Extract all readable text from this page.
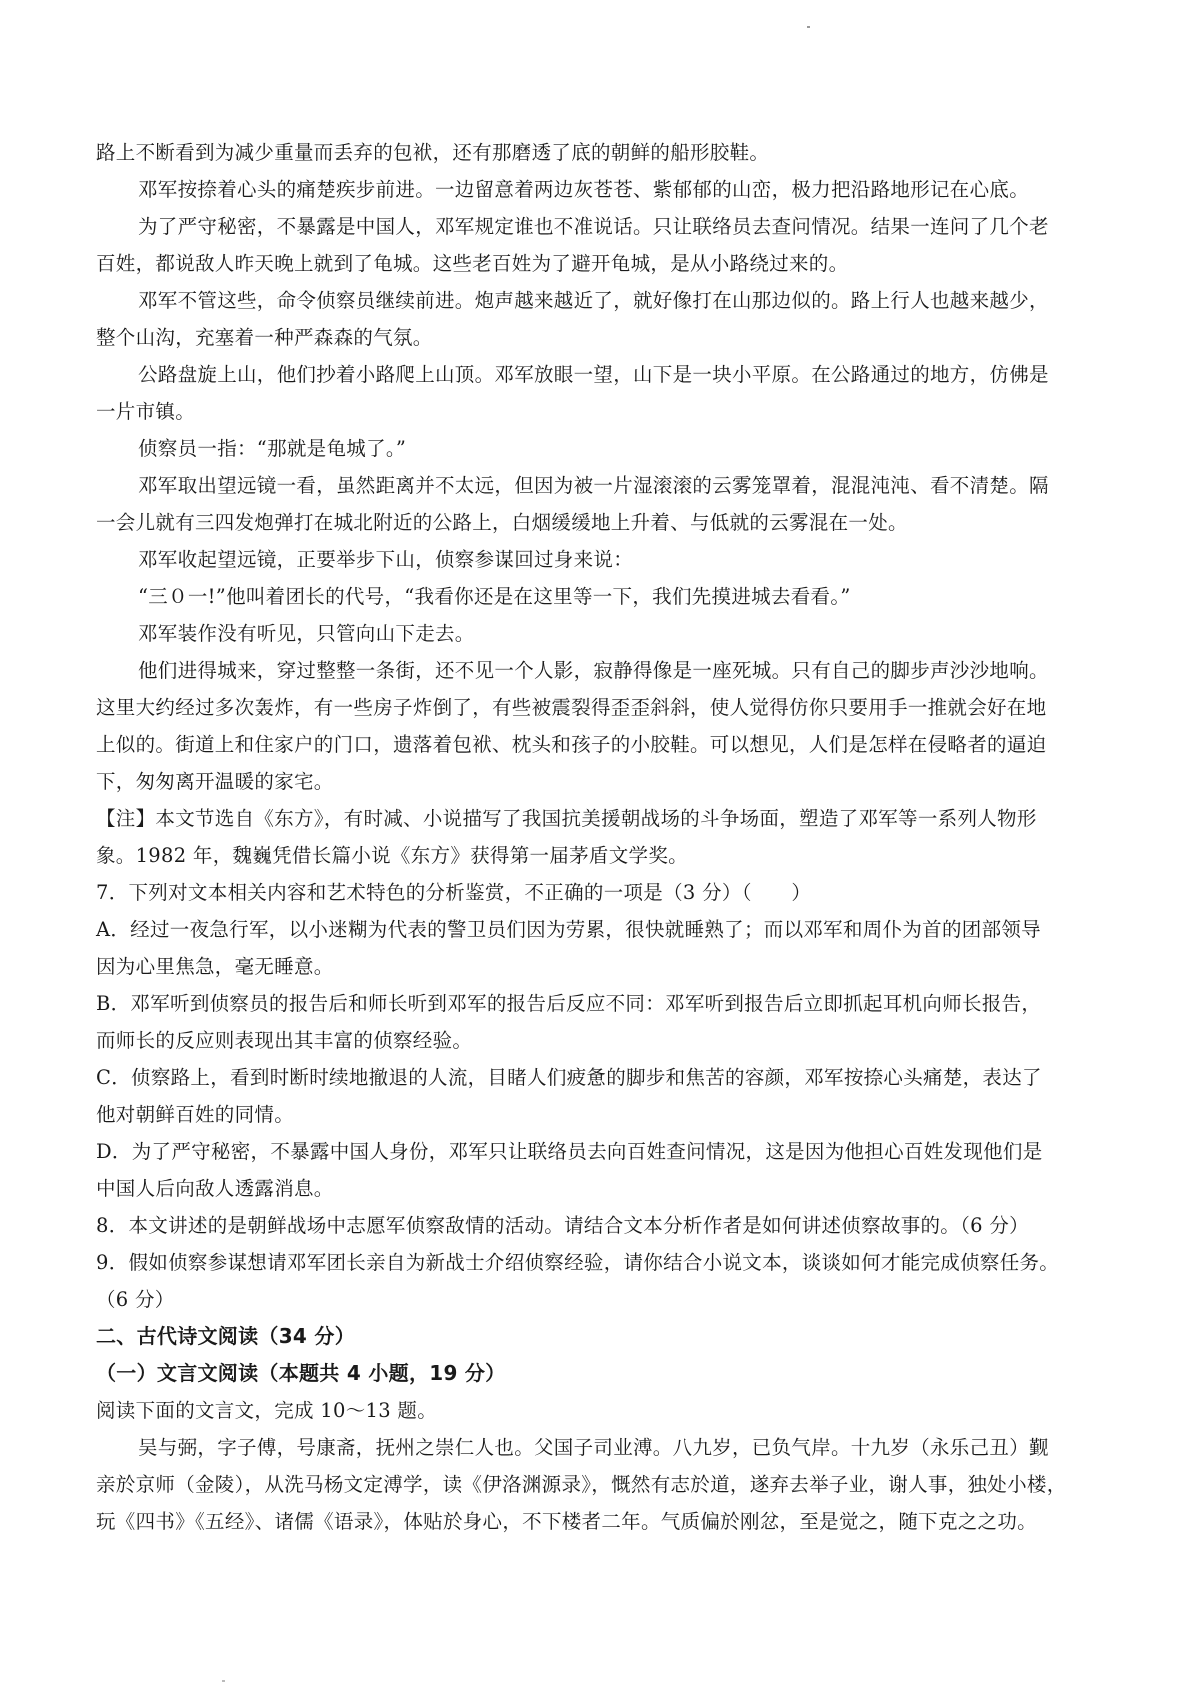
路上不断看到为减少重量而丢弃的包袱，还有那磨透了底的朝鲜的船形胶鞋。
邓军按捺着心头的痛楚疾步前进。一边留意着两边灰苍苍、紫郁郁的山峦，极力把沿路地形记在心底。
为了严守秘密，不暴露是中国人，邓军规定谁也不准说话。只让联络员去查问情况。结果一连问了几个老
百姓，都说敌人昨天晚上就到了龟城。这些老百姓为了避开龟城，是从小路绕过来的。
邓军不管这些，命令侦察员继续前进。炮声越来越近了，就好像打在山那边似的。路上行人也越来越少，
整个山沟，充塞着一种严森森的气氛。
公路盘旋上山，他们抄着小路爬上山顶。邓军放眼一望，山下是一块小平原。在公路通过的地方，仿佛是
一片市镇。
侦察员一指：“那就是龟城了。”
邓军取出望远镜一看，虽然距离并不太远，但因为被一片湿滚滚的云雾笼罩着，混混沌沌、看不清楚。隔
一会儿就有三四发炮弹打在城北附近的公路上，白烟缓缓地上升着、与低就的云雾混在一处。
邓军收起望远镜，正要举步下山，侦察参谋回过身来说：
“三０一!”他叫着团长的代号，“我看你还是在这里等一下，我们先摸进城去看看。”
邓军装作没有听见，只管向山下走去。
他们进得城来，穿过整整一条街，还不见一个人影，寂静得像是一座死城。只有自己的脚步声沙沙地响。
这里大约经过多次轰炸，有一些房子炸倒了，有些被震裂得歪歪斜斜，使人觉得仿你只要用手一推就会好在地
上似的。街道上和住家户的门口，遗落着包袱、枕头和孩子的小胶鞋。可以想见，人们是怎样在侵略者的逼迫
下，匆匆离开温暖的家宅。
【注】本文节选自《东方》，有时减、小说描写了我国抗美援朝战场的斗争场面，塑造了邓军等一系列人物形
象。1982 年，魏巍凭借长篇小说《东方》获得第一届茅盾文学奖。
7．下列对文本相关内容和艺术特色的分析鉴赏，不正确的一项是（3 分）（　　）
A．经过一夜急行军，以小迷糊为代表的警卫员们因为劳累，很快就睡熟了；而以邓军和周仆为首的团部领导
因为心里焦急，毫无睡意。
B．邓军听到侦察员的报告后和师长听到邓军的报告后反应不同：邓军听到报告后立即抓起耳机向师长报告，
而师长的反应则表现出其丰富的侦察经验。
C．侦察路上，看到时断时续地撤退的人流，目睹人们疲惫的脚步和焦苦的容颜，邓军按捺心头痛楚，表达了
他对朝鲜百姓的同情。
D．为了严守秘密，不暴露中国人身份，邓军只让联络员去向百姓查问情况，这是因为他担心百姓发现他们是
中国人后向敌人透露消息。
8．本文讲述的是朝鲜战场中志愿军侦察敌情的活动。请结合文本分析作者是如何讲述侦察故事的。（6 分）
9．假如侦察参谋想请邓军团长亲自为新战士介绍侦察经验，请你结合小说文本，谈谈如何才能完成侦察任务。
（6 分）
二、古代诗文阅读（34 分）
（一）文言文阅读（本题共 4 小题，19 分）
阅读下面的文言文，完成 10～13 题。
吴与弼，字子傅，号康斋，抚州之崇仁人也。父国子司业溥。八九岁，已负气岸。十九岁（永乐己丑）觐
亲於京师（金陵），从洗马杨文定溥学，读《伊洛渊源录》，慨然有志於道，遂弃去举子业，谢人事，独处小楼，
玩《四书》《五经》、诸儒《语录》，体贴於身心，不下楼者二年。气质偏於刚忿，至是觉之，随下克之之功。
